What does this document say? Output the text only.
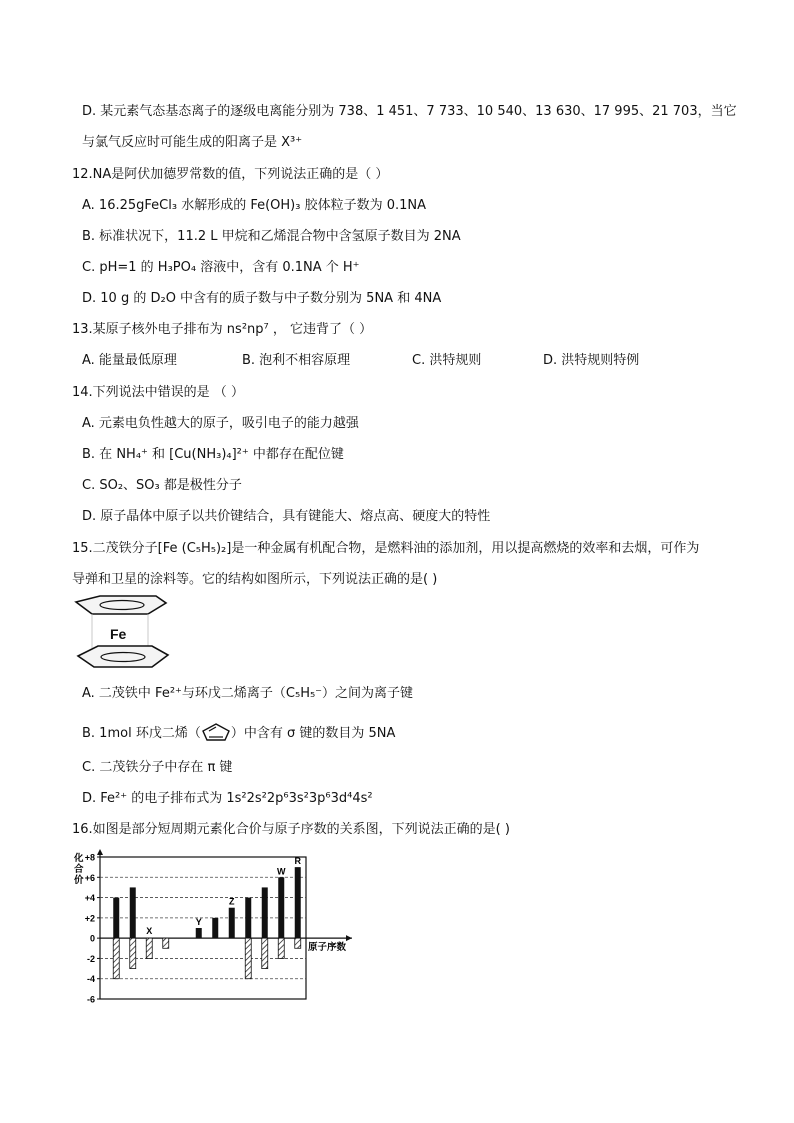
D. 某元素气态基态离子的逐级电离能分别为 738、1 451、7 733、10 540、13 630、17 995、21 703，当它
与氯气反应时可能生成的阳离子是 X³⁺
12.NA是阿伏加德罗常数的值，下列说法正确的是（ ）
A. 16.25gFeCl₃ 水解形成的 Fe(OH)₃ 胶体粒子数为 0.1NA
B. 标准状况下，11.2 L 甲烷和乙烯混合物中含氢原子数目为 2NA
C. pH=1 的 H₃PO₄ 溶液中，含有 0.1NA 个 H⁺
D. 10 g 的 D₂O 中含有的质子数与中子数分别为 5NA 和 4NA
13.某原子核外电子排布为 ns²np⁷ ， 它违背了（ ）
A. 能量最低原理	B. 泡利不相容原理	C. 洪特规则	D. 洪特规则特例
14.下列说法中错误的是 （ ）
A. 元素电负性越大的原子，吸引电子的能力越强
B. 在 NH₄⁺ 和 [Cu(NH₃)₄]²⁺ 中都存在配位键
C. SO₂、SO₃ 都是极性分子
D. 原子晶体中原子以共价键结合，具有键能大、熔点高、硬度大的特性
15.二茂铁分子[Fe (C₅H₅)₂]是一种金属有机配合物，是燃料油的添加剂，用以提高燃烧的效率和去烟，可作为
导弹和卫星的涂料等。它的结构如图所示，下列说法正确的是( )
Fe
A. 二茂铁中 Fe²⁺与环戊二烯离子（C₅H₅⁻）之间为离子键
B. 1mol 环戊二烯（ ）中含有 σ 键的数目为 5NA
C. 二茂铁分子中存在 π 键
D. Fe²⁺ 的电子排布式为 1s²2s²2p⁶3s²3p⁶3d⁴4s²
16.如图是部分短周期元素化合价与原子序数的关系图，下列说法正确的是( )
+8
+6
+4
+2
0
-2
-4
-6
原子序数
化
合
价
X
Y
Z
W
R
